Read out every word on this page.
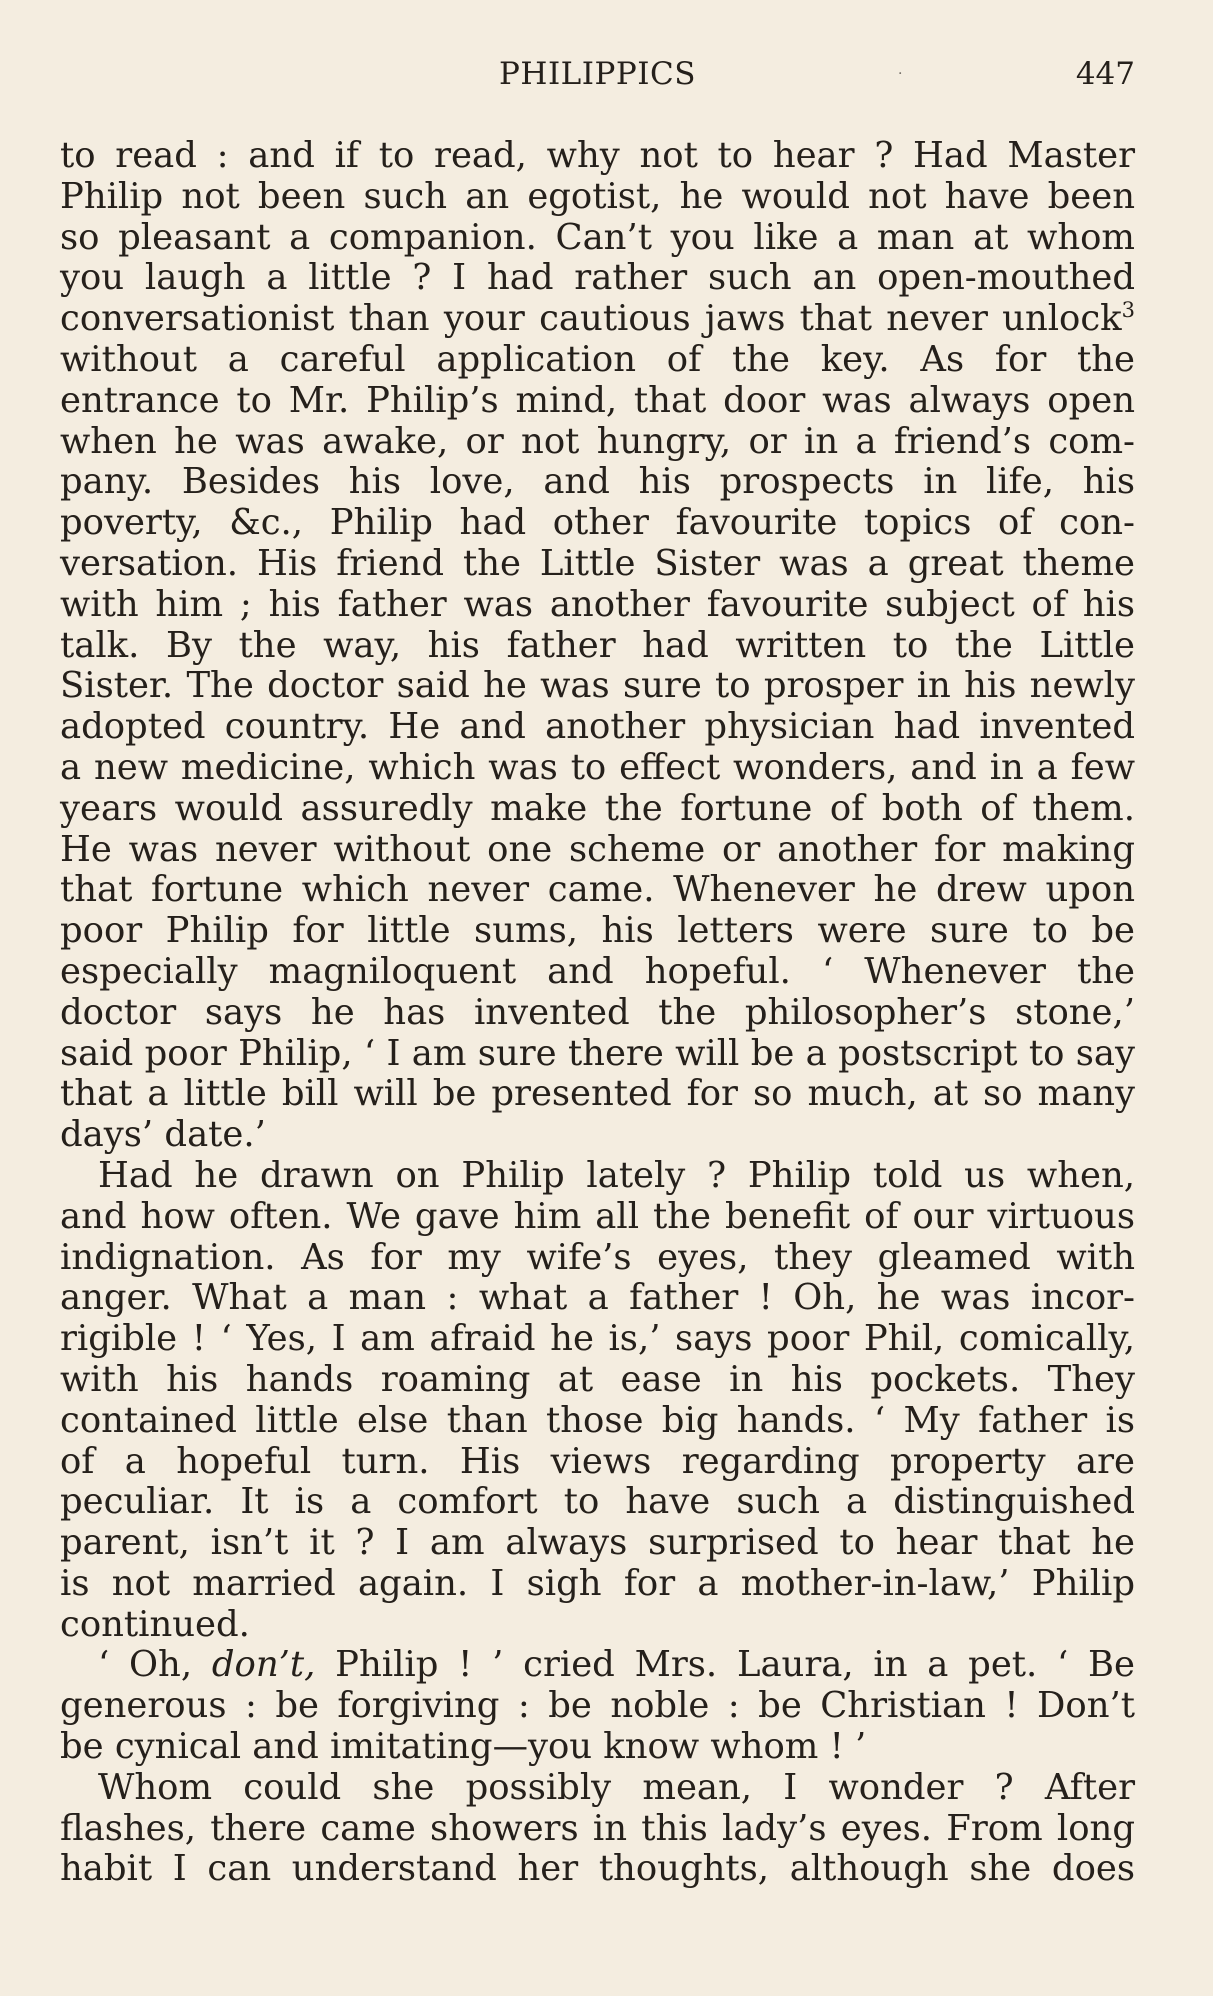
PHILIPPICS	·	447
to read : and if to read, why not to hear ? Had Master
Philip not been such an egotist, he would not have been
so pleasant a companion. Can’t you like a man at whom
you laugh a little ? I had rather such an open-mouthed
conversationist than your cautious jaws that never unlock$^3$
without a careful application of the key. As for the
entrance to Mr. Philip’s mind, that door was always open
when he was awake, or not hungry, or in a friend’s com-
pany. Besides his love, and his prospects in life, his
poverty, &c., Philip had other favourite topics of con-
versation. His friend the Little Sister was a great theme
with him ; his father was another favourite subject of his
talk. By the way, his father had written to the Little
Sister. The doctor said he was sure to prosper in his newly
adopted country. He and another physician had invented
a new medicine, which was to effect wonders, and in a few
years would assuredly make the fortune of both of them.
He was never without one scheme or another for making
that fortune which never came. Whenever he drew upon
poor Philip for little sums, his letters were sure to be
especially magniloquent and hopeful. ‘ Whenever the
doctor says he has invented the philosopher’s stone,’
said poor Philip, ‘ I am sure there will be a postscript to say
that a little bill will be presented for so much, at so many
days’ date.’
Had he drawn on Philip lately ? Philip told us when,
and how often. We gave him all the benefit of our virtuous
indignation. As for my wife’s eyes, they gleamed with
anger. What a man : what a father ! Oh, he was incor-
rigible ! ‘ Yes, I am afraid he is,’ says poor Phil, comically,
with his hands roaming at ease in his pockets. They
contained little else than those big hands. ‘ My father is
of a hopeful turn. His views regarding property are
peculiar. It is a comfort to have such a distinguished
parent, isn’t it ? I am always surprised to hear that he
is not married again. I sigh for a mother-in-law,’ Philip
continued.
‘ Oh, don’t, Philip ! ’ cried Mrs. Laura, in a pet. ‘ Be
generous : be forgiving : be noble : be Christian ! Don’t
be cynical and imitating—you know whom ! ’
Whom could she possibly mean, I wonder ? After
flashes, there came showers in this lady’s eyes. From long
habit I can understand her thoughts, although she does
